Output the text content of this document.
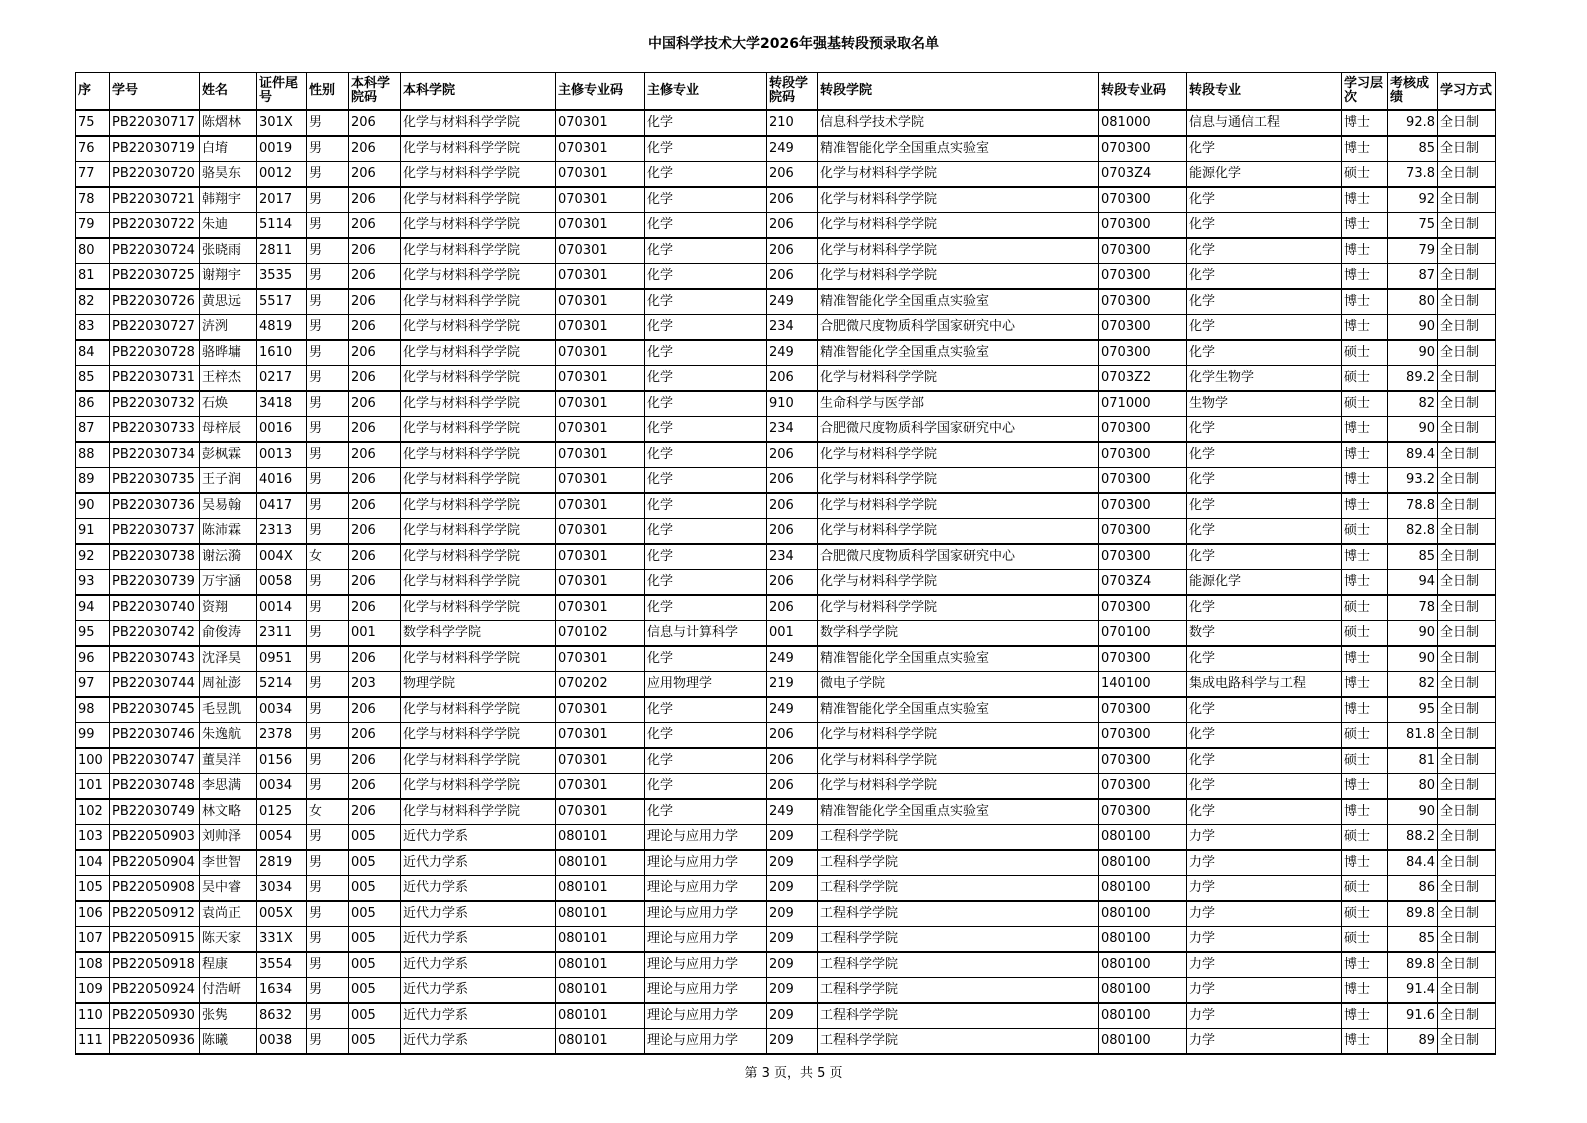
中国科学技术大学2026年强基转段预录取名单
序	学号	姓名	证件尾号	性别	本科学院码	本科学院	主修专业码	主修专业	转段学院码	转段学院	转段专业码	转段专业	学习层次	考核成绩	学习方式
75	PB22030717	陈熠林	301X	男	206	化学与材料科学学院	070301	化学	210	信息科学技术学院	081000	信息与通信工程	博士	92.8	全日制
76	PB22030719	白堉	0019	男	206	化学与材料科学学院	070301	化学	249	精准智能化学全国重点实验室	070300	化学	博士	85	全日制
77	PB22030720	骆昊东	0012	男	206	化学与材料科学学院	070301	化学	206	化学与材料科学学院	0703Z4	能源化学	硕士	73.8	全日制
78	PB22030721	韩翔宇	2017	男	206	化学与材料科学学院	070301	化学	206	化学与材料科学学院	070300	化学	博士	92	全日制
79	PB22030722	朱迪	5114	男	206	化学与材料科学学院	070301	化学	206	化学与材料科学学院	070300	化学	博士	75	全日制
80	PB22030724	张晓雨	2811	男	206	化学与材料科学学院	070301	化学	206	化学与材料科学学院	070300	化学	博士	79	全日制
81	PB22030725	谢翔宇	3535	男	206	化学与材料科学学院	070301	化学	206	化学与材料科学学院	070300	化学	博士	87	全日制
82	PB22030726	黄思远	5517	男	206	化学与材料科学学院	070301	化学	249	精准智能化学全国重点实验室	070300	化学	博士	80	全日制
83	PB22030727	泋洌	4819	男	206	化学与材料科学学院	070301	化学	234	合肥微尺度物质科学国家研究中心	070300	化学	博士	90	全日制
84	PB22030728	骆晔墉	1610	男	206	化学与材料科学学院	070301	化学	249	精准智能化学全国重点实验室	070300	化学	硕士	90	全日制
85	PB22030731	王梓杰	0217	男	206	化学与材料科学学院	070301	化学	206	化学与材料科学学院	0703Z2	化学生物学	硕士	89.2	全日制
86	PB22030732	石焕	3418	男	206	化学与材料科学学院	070301	化学	910	生命科学与医学部	071000	生物学	硕士	82	全日制
87	PB22030733	母梓辰	0016	男	206	化学与材料科学学院	070301	化学	234	合肥微尺度物质科学国家研究中心	070300	化学	博士	90	全日制
88	PB22030734	彭枫霖	0013	男	206	化学与材料科学学院	070301	化学	206	化学与材料科学学院	070300	化学	博士	89.4	全日制
89	PB22030735	王子润	4016	男	206	化学与材料科学学院	070301	化学	206	化学与材料科学学院	070300	化学	博士	93.2	全日制
90	PB22030736	吴易翰	0417	男	206	化学与材料科学学院	070301	化学	206	化学与材料科学学院	070300	化学	博士	78.8	全日制
91	PB22030737	陈沛霖	2313	男	206	化学与材料科学学院	070301	化学	206	化学与材料科学学院	070300	化学	硕士	82.8	全日制
92	PB22030738	谢沄漪	004X	女	206	化学与材料科学学院	070301	化学	234	合肥微尺度物质科学国家研究中心	070300	化学	博士	85	全日制
93	PB22030739	万宇涵	0058	男	206	化学与材料科学学院	070301	化学	206	化学与材料科学学院	0703Z4	能源化学	博士	94	全日制
94	PB22030740	资翔	0014	男	206	化学与材料科学学院	070301	化学	206	化学与材料科学学院	070300	化学	硕士	78	全日制
95	PB22030742	俞俊涛	2311	男	001	数学科学学院	070102	信息与计算科学	001	数学科学学院	070100	数学	硕士	90	全日制
96	PB22030743	沈泽昊	0951	男	206	化学与材料科学学院	070301	化学	249	精准智能化学全国重点实验室	070300	化学	博士	90	全日制
97	PB22030744	周祉澎	5214	男	203	物理学院	070202	应用物理学	219	微电子学院	140100	集成电路科学与工程	博士	82	全日制
98	PB22030745	毛昱凯	0034	男	206	化学与材料科学学院	070301	化学	249	精准智能化学全国重点实验室	070300	化学	博士	95	全日制
99	PB22030746	朱逸航	2378	男	206	化学与材料科学学院	070301	化学	206	化学与材料科学学院	070300	化学	硕士	81.8	全日制
100	PB22030747	董昊洋	0156	男	206	化学与材料科学学院	070301	化学	206	化学与材料科学学院	070300	化学	硕士	81	全日制
101	PB22030748	李思满	0034	男	206	化学与材料科学学院	070301	化学	206	化学与材料科学学院	070300	化学	博士	80	全日制
102	PB22030749	林文略	0125	女	206	化学与材料科学学院	070301	化学	249	精准智能化学全国重点实验室	070300	化学	博士	90	全日制
103	PB22050903	刘帅泽	0054	男	005	近代力学系	080101	理论与应用力学	209	工程科学学院	080100	力学	硕士	88.2	全日制
104	PB22050904	李世智	2819	男	005	近代力学系	080101	理论与应用力学	209	工程科学学院	080100	力学	博士	84.4	全日制
105	PB22050908	吴中睿	3034	男	005	近代力学系	080101	理论与应用力学	209	工程科学学院	080100	力学	硕士	86	全日制
106	PB22050912	袁尚正	005X	男	005	近代力学系	080101	理论与应用力学	209	工程科学学院	080100	力学	硕士	89.8	全日制
107	PB22050915	陈天家	331X	男	005	近代力学系	080101	理论与应用力学	209	工程科学学院	080100	力学	硕士	85	全日制
108	PB22050918	程康	3554	男	005	近代力学系	080101	理论与应用力学	209	工程科学学院	080100	力学	博士	89.8	全日制
109	PB22050924	付浩岍	1634	男	005	近代力学系	080101	理论与应用力学	209	工程科学学院	080100	力学	博士	91.4	全日制
110	PB22050930	张隽	8632	男	005	近代力学系	080101	理论与应用力学	209	工程科学学院	080100	力学	博士	91.6	全日制
111	PB22050936	陈曦	0038	男	005	近代力学系	080101	理论与应用力学	209	工程科学学院	080100	力学	博士	89	全日制
第 3 页，共 5 页
